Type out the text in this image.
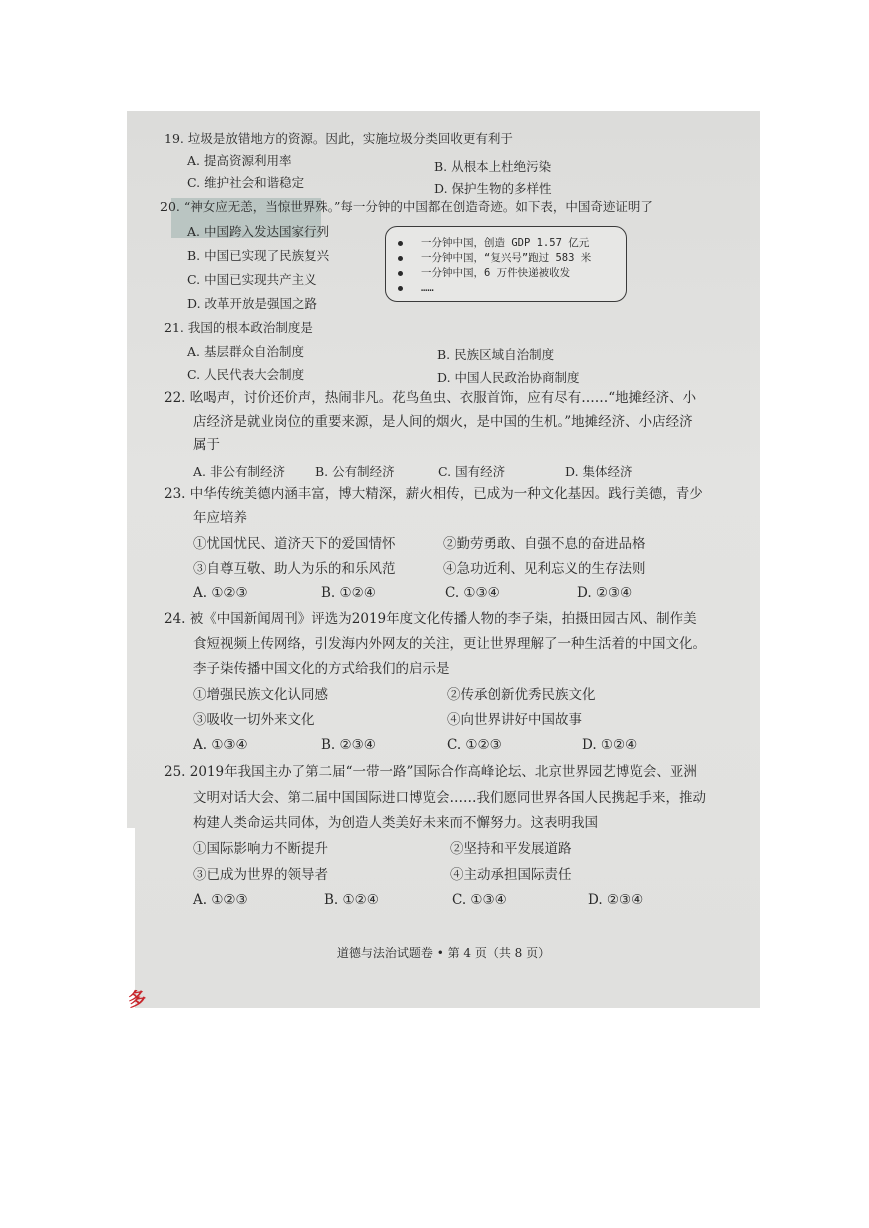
19. 垃圾是放错地方的资源。因此，实施垃圾分类回收更有利于
A. 提高资源利用率	B. 从根本上杜绝污染
C. 维护社会和谐稳定	D. 保护生物的多样性
20. “神女应无恙，当惊世界殊。”每一分钟的中国都在创造奇迹。如下表，中国奇迹证明了
A. 中国跨入发达国家行列
B. 中国已实现了民族复兴
C. 中国已实现共产主义
D. 改革开放是强国之路
一分钟中国，创造 GDP 1.57 亿元
一分钟中国，“复兴号”跑过 583 米
一分钟中国，6 万件快递被收发
……
21. 我国的根本政治制度是
A. 基层群众自治制度	B. 民族区域自治制度
C. 人民代表大会制度	D. 中国人民政治协商制度
22. 吆喝声，讨价还价声，热闹非凡。花鸟鱼虫、衣服首饰，应有尽有……“地摊经济、小
店经济是就业岗位的重要来源，是人间的烟火，是中国的生机。”地摊经济、小店经济
属于
A. 非公有制经济 B. 公有制经济	C. 国有经济	D. 集体经济
23. 中华传统美德内涵丰富，博大精深，薪火相传，已成为一种文化基因。践行美德，青少
年应培养
①忧国忧民、道济天下的爱国情怀	②勤劳勇敢、自强不息的奋进品格
③自尊互敬、助人为乐的和乐风范	④急功近利、见利忘义的生存法则
A. ①②③	B. ①②④	C. ①③④	D. ②③④
24. 被《中国新闻周刊》评选为2019年度文化传播人物的李子柒，拍摄田园古风、制作美
食短视频上传网络，引发海内外网友的关注，更让世界理解了一种生活着的中国文化。
李子柒传播中国文化的方式给我们的启示是
①增强民族文化认同感	②传承创新优秀民族文化
③吸收一切外来文化	④向世界讲好中国故事
A. ①③④	B. ②③④	C. ①②③	D. ①②④
25. 2019年我国主办了第二届“一带一路”国际合作高峰论坛、北京世界园艺博览会、亚洲
文明对话大会、第二届中国国际进口博览会……我们愿同世界各国人民携起手来，推动
构建人类命运共同体，为创造人类美好未来而不懈努力。这表明我国
①国际影响力不断提升	②坚持和平发展道路
③已成为世界的领导者	④主动承担国际责任
A. ①②③	B. ①②④	C. ①③④	D. ②③④
道德与法治试题卷 • 第 4 页（共 8 页）
多
